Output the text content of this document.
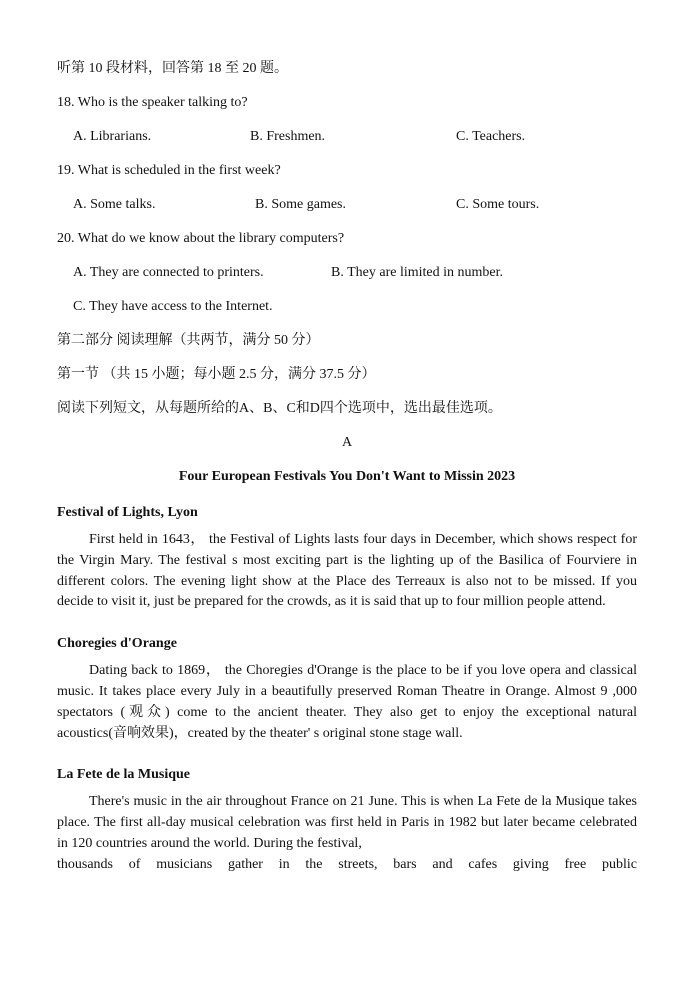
听第 10 段材料，回答第 18 至 20 题。
18. Who is the speaker talking to?
A. Librarians.	B. Freshmen.	C. Teachers.
19. What is scheduled in the first week?
A. Some talks.	B. Some games.	C. Some tours.
20. What do we know about the library computers?
A. They are connected to printers.	B. They are limited in number.
C. They have access to the Internet.
第二部分 阅读理解（共两节，满分 50 分）
第一节 （共 15 小题；每小题 2.5 分，满分 37.5 分）
阅读下列短文，从每题所给的A、B、C和D四个选项中，选出最佳选项。
A
Four European Festivals You Don't Want to Missin 2023
Festival of Lights, Lyon

First held in 1643， the Festival of Lights lasts four days in December, which shows respect for the Virgin Mary. The festival s most exciting part is the lighting up of the Basilica of Fourviere in different colors. The evening light show at the Place des Terreaux is also not to be missed. If you decide to visit it, just be prepared for the crowds, as it is said that up to four million people attend.

Choregies d'Orange

Dating back to 1869， the Choregies d'Orange is the place to be if you love opera and classical music. It takes place every July in a beautifully preserved Roman Theatre in Orange. Almost 9 ,000 spectators (观众) come to the ancient theater. They also get to enjoy the exceptional natural acoustics(音响效果)，created by the theater' s original stone stage wall.

La Fete de la Musique

There's music in the air throughout France on 21 June. This is when La Fete de la Musique takes place. The first all-day musical celebration was first held in Paris in 1982 but later became celebrated in 120 countries around the world. During the festival,

thousands of musicians gather in the streets, bars and cafes giving free public
